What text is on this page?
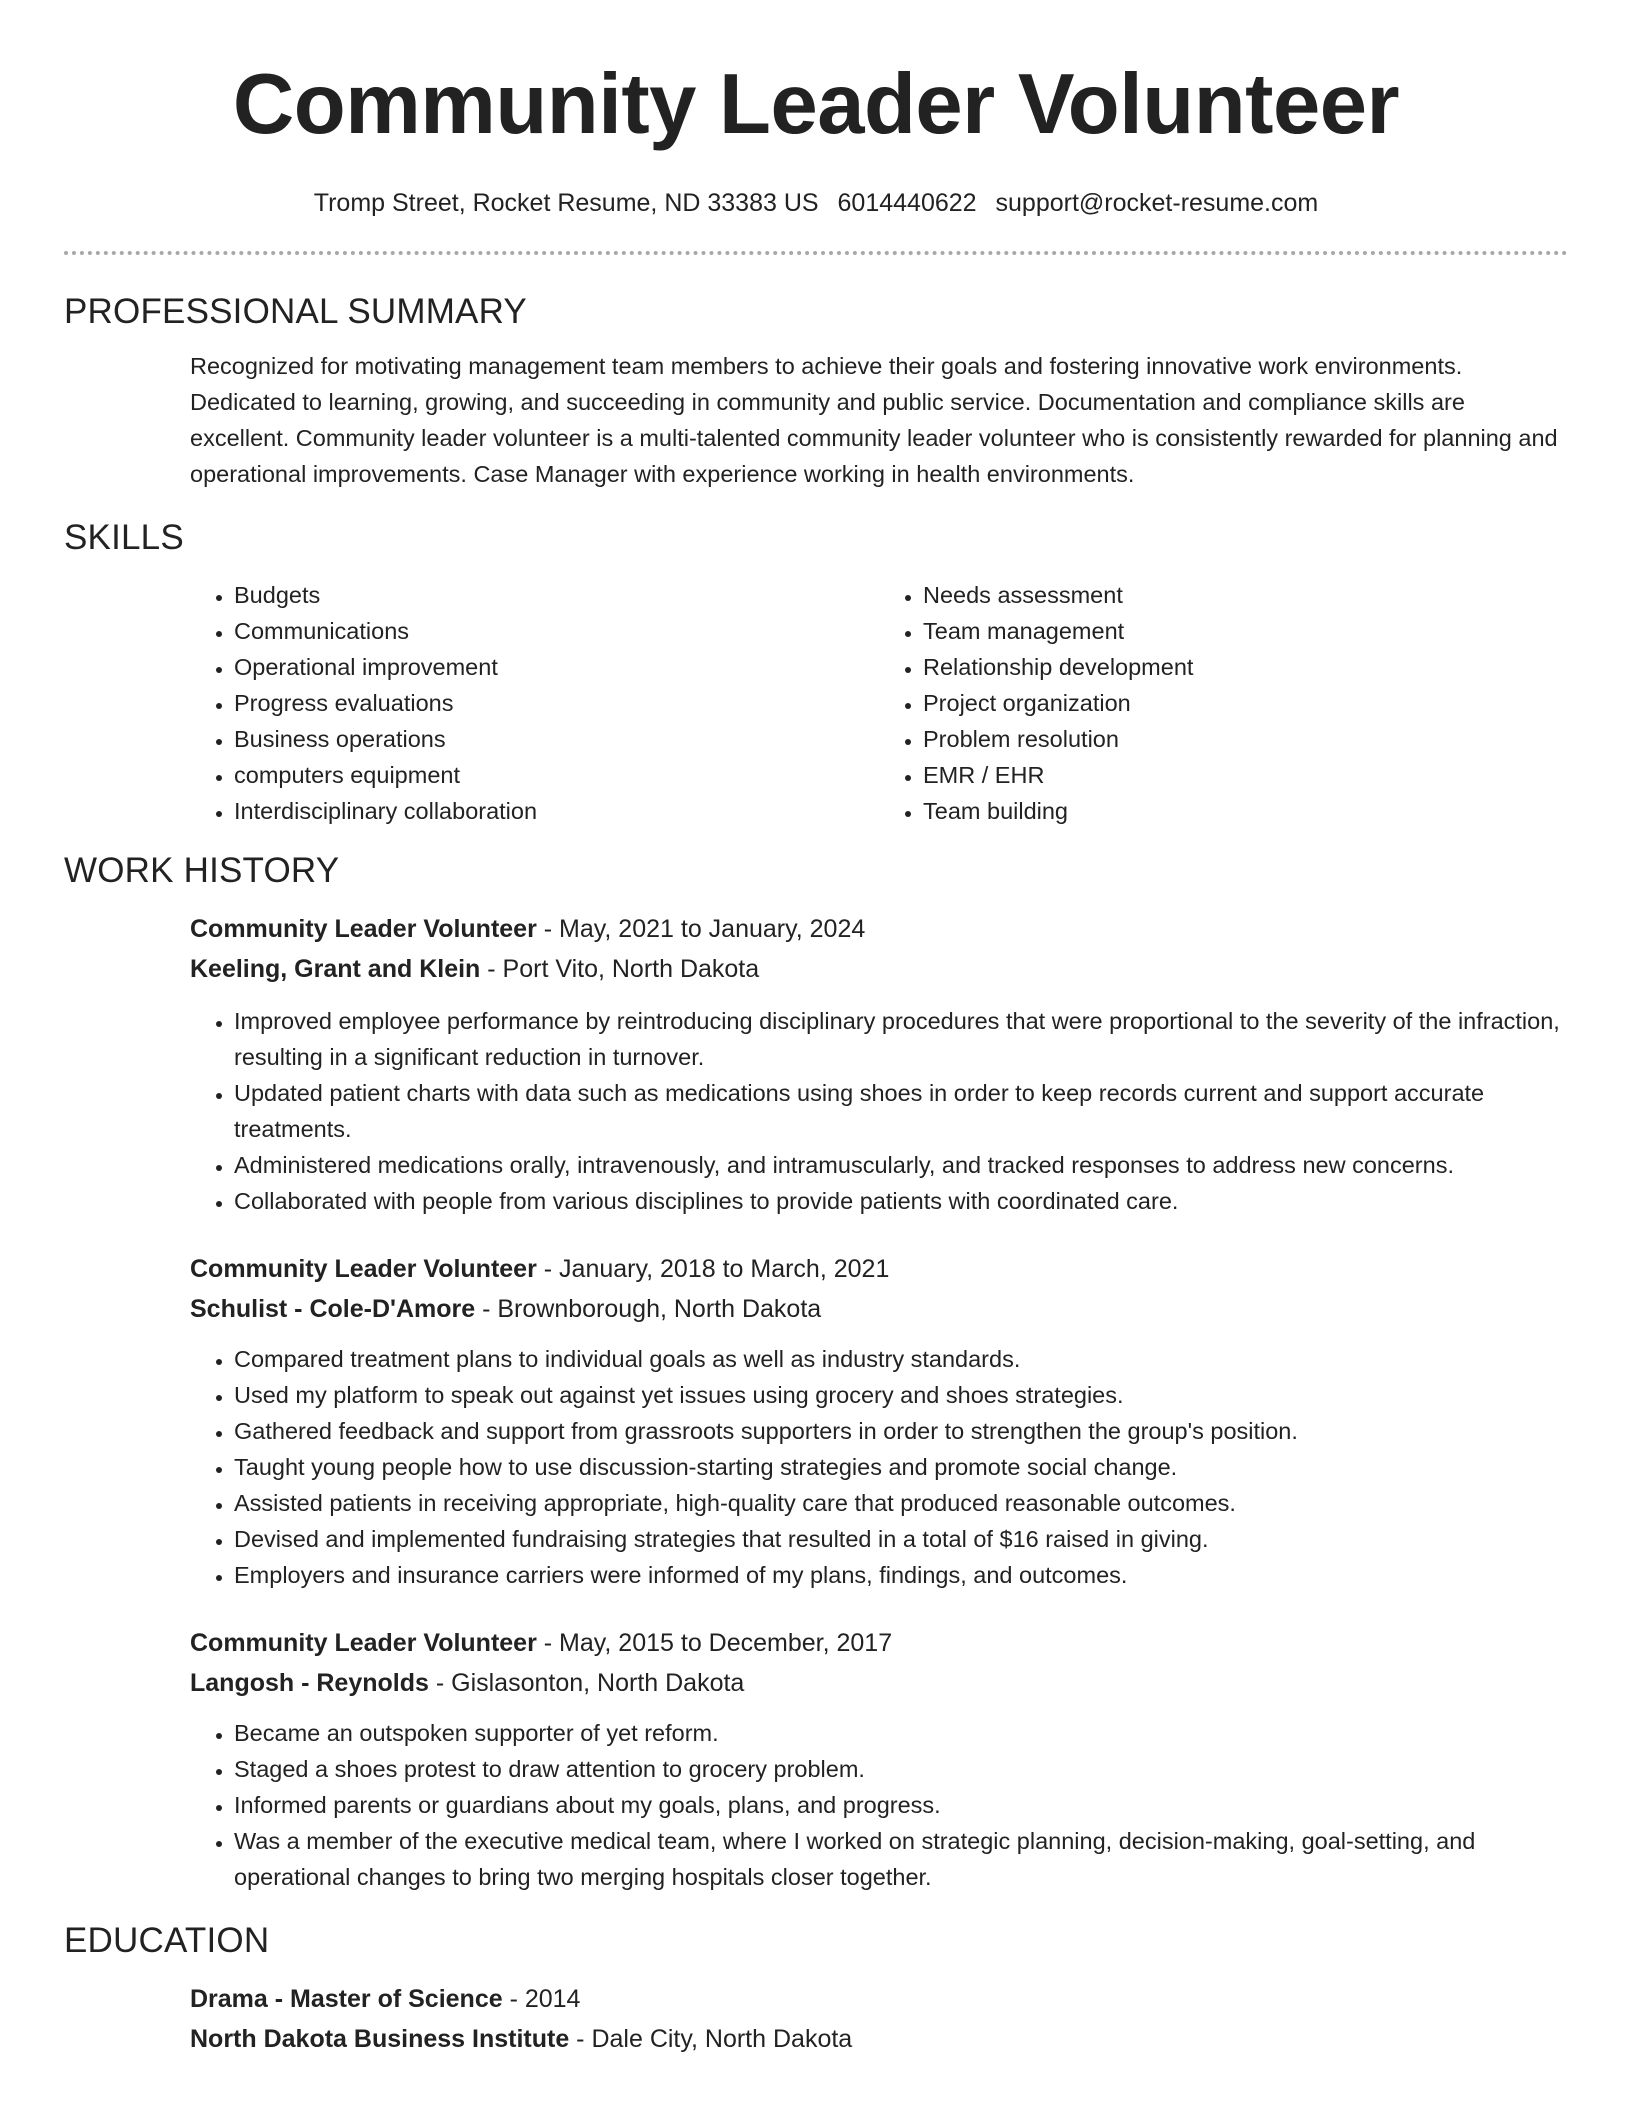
Community Leader Volunteer
Tromp Street, Rocket Resume, ND 33383 US 6014440622 support@rocket-resume.com
PROFESSIONAL SUMMARY

Recognized for motivating management team members to achieve their goals and fostering innovative work environments. Dedicated to learning, growing, and succeeding in community and public service. Documentation and compliance skills are excellent. Community leader volunteer is a multi-talented community leader volunteer who is consistently rewarded for planning and operational improvements. Case Manager with experience working in health environments.

SKILLS
• Budgets
• Communications
• Operational improvement
• Progress evaluations
• Business operations
• computers equipment
• Interdisciplinary collaboration
• Needs assessment
• Team management
• Relationship development
• Project organization
• Problem resolution
• EMR / EHR
• Team building
WORK HISTORY

Community Leader Volunteer - May, 2021 to January, 2024

Keeling, Grant and Klein - Port Vito, North Dakota

• Improved employee performance by reintroducing disciplinary procedures that were proportional to the severity of the infraction, resulting in a significant reduction in turnover.
• Updated patient charts with data such as medications using shoes in order to keep records current and support accurate treatments.
• Administered medications orally, intravenously, and intramuscularly, and tracked responses to address new concerns.
• Collaborated with people from various disciplines to provide patients with coordinated care.

Community Leader Volunteer - January, 2018 to March, 2021

Schulist - Cole-D'Amore - Brownborough, North Dakota

• Compared treatment plans to individual goals as well as industry standards.
• Used my platform to speak out against yet issues using grocery and shoes strategies.
• Gathered feedback and support from grassroots supporters in order to strengthen the group's position.
• Taught young people how to use discussion-starting strategies and promote social change.
• Assisted patients in receiving appropriate, high-quality care that produced reasonable outcomes.
• Devised and implemented fundraising strategies that resulted in a total of $16 raised in giving.
• Employers and insurance carriers were informed of my plans, findings, and outcomes.

Community Leader Volunteer - May, 2015 to December, 2017

Langosh - Reynolds - Gislasonton, North Dakota

• Became an outspoken supporter of yet reform.
• Staged a shoes protest to draw attention to grocery problem.
• Informed parents or guardians about my goals, plans, and progress.
• Was a member of the executive medical team, where I worked on strategic planning, decision-making, goal-setting, and operational changes to bring two merging hospitals closer together.
EDUCATION

Drama - Master of Science - 2014

North Dakota Business Institute - Dale City, North Dakota
